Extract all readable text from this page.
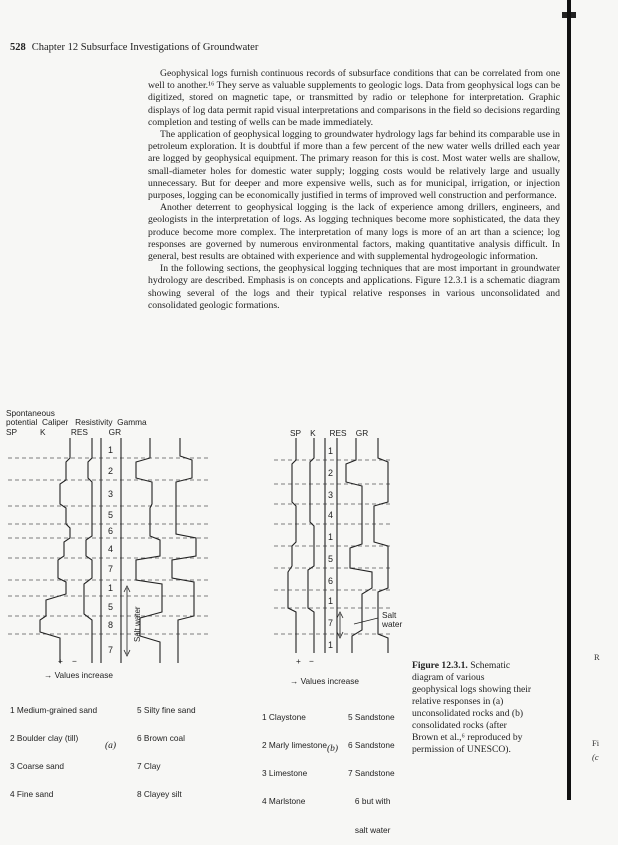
528 Chapter 12 Subsurface Investigations of Groundwater

Geophysical logs furnish continuous records of subsurface conditions that can be correlated from one well to another.¹⁶ They serve as valuable supplements to geologic logs. Data from geophysical logs can be digitized, stored on magnetic tape, or transmitted by radio or telephone for interpretation. Graphic displays of log data permit rapid visual interpretations and comparisons in the field so decisions regarding completion and testing of wells can be made immediately.

The application of geophysical logging to groundwater hydrology lags far behind its comparable use in petroleum exploration. It is doubtful if more than a few percent of the new water wells drilled each year are logged by geophysical equipment. The primary reason for this is cost. Most water wells are shallow, small-diameter holes for domestic water supply; logging costs would be relatively large and usually unnecessary. But for deeper and more expensive wells, such as for municipal, irrigation, or injection purposes, logging can be economically justified in terms of improved well construction and performance.

Another deterrent to geophysical logging is the lack of experience among drillers, engineers, and geologists in the interpretation of logs. As logging techniques become more sophisticated, the data they produce become more complex. The interpretation of many logs is more of an art than a science; log responses are governed by numerous environmental factors, making quantitative analysis difficult. In general, best results are obtained with experience and with supplemental hydrogeologic information.

In the following sections, the geophysical logging techniques that are most important in groundwater hydrology are described. Emphasis is on concepts and applications. Figure 12.3.1 is a schematic diagram showing several of the logs and their typical relative responses in various unconsolidated and consolidated geologic formations.

Spontaneous
potential  Caliper   Resistivity  Gamma
SP          K           RES         GR
1
2
3
5
6
4
7
1
5
8
7
Salt water
+ −
→ Values increase

1 Medium-grained sand

2 Boulder clay (till)

3 Coarse sand

4 Fine sand

5 Silty fine sand

6 Brown coal

7 Clay

8 Clayey silt

(a)
SP    K      RES    GR
1
2
3
4
1
5
6
1
7
1
Salt water
+ −
→ Values increase

1 Claystone

2 Marly limestone

3 Limestone

4 Marlstone

5 Sandstone

6 Sandstone

7 Sandstone

6 but with

salt water

(b)
Figure 12.3.1. Schematic diagram of various geophysical logs showing their relative responses in (a) unconsolidated rocks and (b) consolidated rocks (after Brown et al.,⁶ reproduced by permission of UNESCO).
R
Fi
(c
